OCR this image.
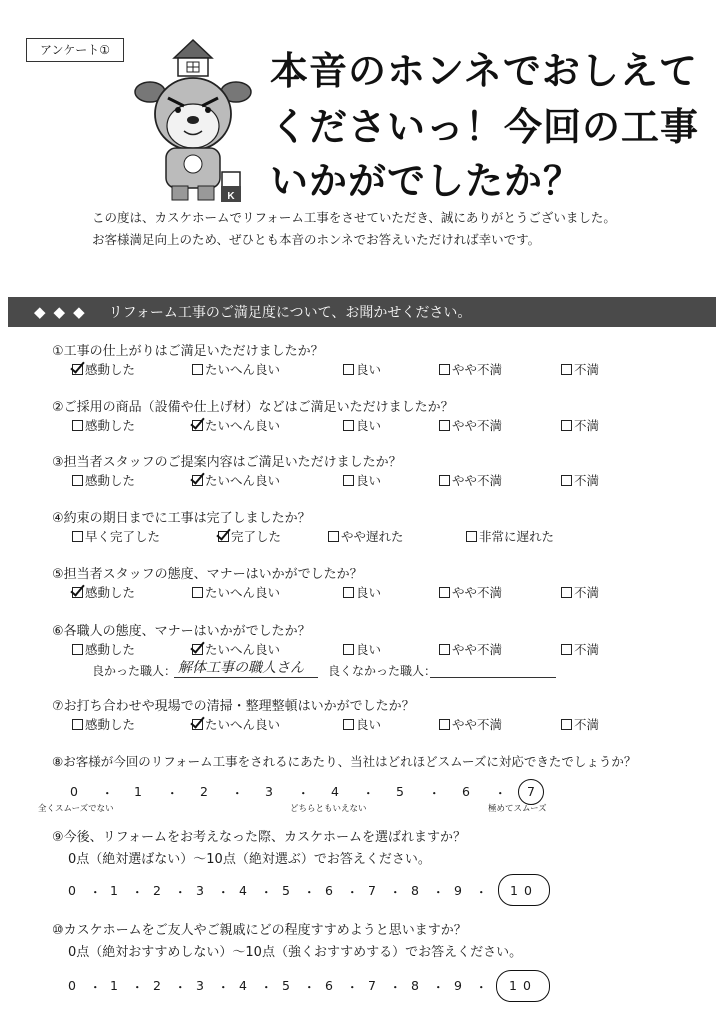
アンケート①
K
本音のホンネでおしえて
くださいっ！今回の工事
いかがでしたか？
この度は、カスケホームでリフォーム工事をさせていただき、誠にありがとうございました。
お客様満足向上のため、ぜひとも本音のホンネでお答えいただければ幸いです。
◆◆◆ リフォーム工事のご満足度について、お聞かせください。
①工事の仕上がりはご満足いただけましたか？
感動した	たいへん良い	良い	やや不満	不満
②ご採用の商品（設備や仕上げ材）などはご満足いただけましたか？
感動した	たいへん良い	良い	やや不満	不満
③担当者スタッフのご提案内容はご満足いただけましたか？
感動した	たいへん良い	良い	やや不満	不満
④約束の期日までに工事は完了しましたか？
早く完了した	完了した	やや遅れた	非常に遅れた
⑤担当者スタッフの態度、マナーはいかがでしたか？
感動した	たいへん良い	良い	やや不満	不満
⑥各職人の態度、マナーはいかがでしたか？
感動した	たいへん良い	良い	やや不満	不満
良かった職人： 解体工事の職人さん 良くなかった職人：
⑦お打ち合わせや現場での清掃・整理整頓はいかがでしたか？
感動した	たいへん良い	良い	やや不満	不満
⑧お客様が今回のリフォーム工事をされるにあたり、当社はどれほどスムーズに対応できたでしょうか？
0 ・ 1 ・ 2 ・ 3 ・ 4 ・ 5 ・ 6 ・ 7
全くスムーズでない	どちらともいえない	極めてスムーズ
⑨今後、リフォームをお考えなった際、カスケホームを選ばれますか？
0点（絶対選ばない）～10点（絶対選ぶ）でお答えください。
0 ・ 1 ・ 2 ・ 3 ・ 4 ・ 5 ・ 6 ・ 7 ・ 8 ・ 9 ・ 10
⑩カスケホームをご友人やご親戚にどの程度すすめようと思いますか？
0点（絶対おすすめしない）～10点（強くおすすめする）でお答えください。
0 ・ 1 ・ 2 ・ 3 ・ 4 ・ 5 ・ 6 ・ 7 ・ 8 ・ 9 ・ 10
